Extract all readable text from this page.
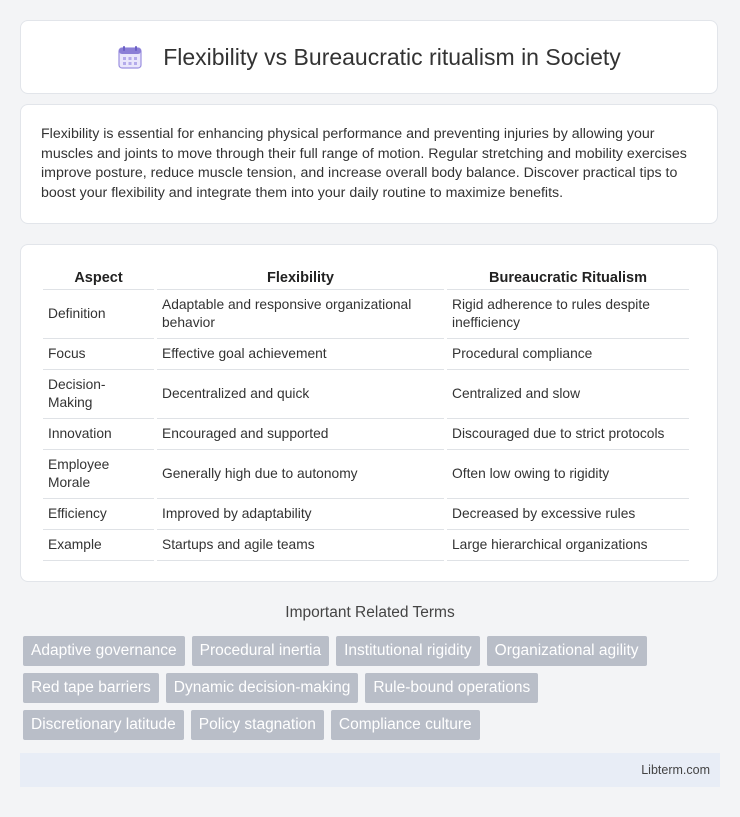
Flexibility vs Bureaucratic ritualism in Society

Flexibility is essential for enhancing physical performance and preventing injuries by allowing your muscles and joints to move through their full range of motion. Regular stretching and mobility exercises improve posture, reduce muscle tension, and increase overall body balance. Discover practical tips to boost your flexibility and integrate them into your daily routine to maximize benefits.

Aspect	Flexibility	Bureaucratic Ritualism
Definition	Adaptable and responsive organizational behavior	Rigid adherence to rules despite inefficiency
Focus	Effective goal achievement	Procedural compliance
Decision-Making	Decentralized and quick	Centralized and slow
Innovation	Encouraged and supported	Discouraged due to strict protocols
Employee Morale	Generally high due to autonomy	Often low owing to rigidity
Efficiency	Improved by adaptability	Decreased by excessive rules
Example	Startups and agile teams	Large hierarchical organizations
Important Related Terms
Adaptive governance	Procedural inertia	Institutional rigidity	Organizational agility
Red tape barriers	Dynamic decision-making	Rule-bound operations
Discretionary latitude	Policy stagnation	Compliance culture
Libterm.com
